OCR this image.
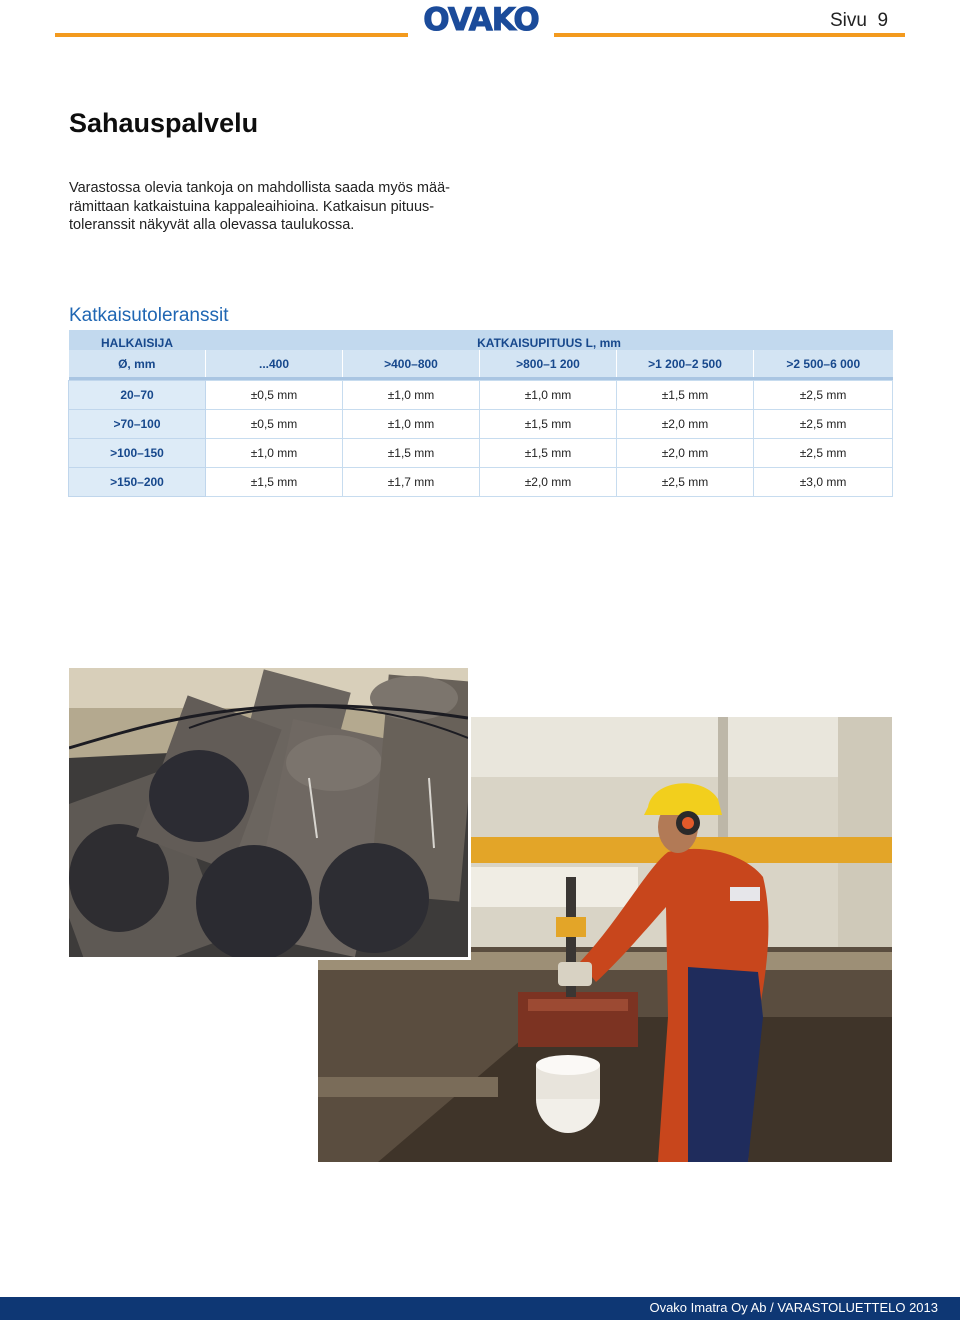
OVAKO	Sivu  9
Sahauspalvelu
Varastossa olevia tankoja on mahdollista saada myös mää-
rämittaan katkaistuina kappaleaihioina. Katkaisun pituus-
toleranssit näkyvät alla olevassa taulukossa.
Katkaisutoleranssit
HALKAISIJA	KATKAISUPITUUS L, mm				
Ø, mm	...400	>400–800	>800–1 200	>1 200–2 500	>2 500–6 000

20–70	±0,5 mm	±1,0 mm	±1,0 mm	±1,5 mm	±2,5 mm
>70–100	±0,5 mm	±1,0 mm	±1,5 mm	±2,0 mm	±2,5 mm
>100–150	±1,0 mm	±1,5 mm	±1,5 mm	±2,0 mm	±2,5 mm
>150–200	±1,5 mm	±1,7 mm	±2,0 mm	±2,5 mm	±3,0 mm
Ovako Imatra Oy Ab / VARASTOLUETTELO 2013
